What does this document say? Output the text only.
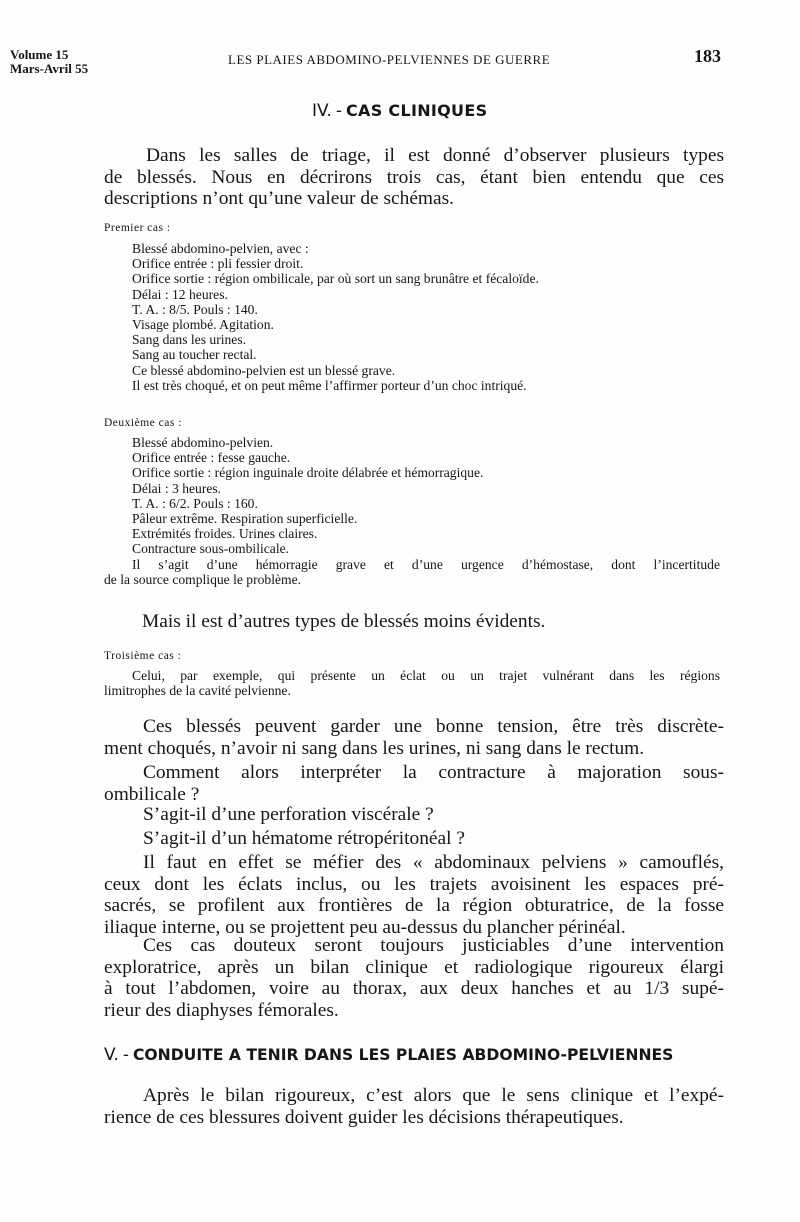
Volume 15
Mars-Avril 55
LES PLAIES ABDOMINO-PELVIENNES DE GUERRE	183
IV. - CAS CLINIQUES
Dans les salles de triage, il est donné d’observer plusieurs types
de blessés. Nous en décrirons trois cas, étant bien entendu que ces
descriptions n’ont qu’une valeur de schémas.
Premier cas :
Blessé abdomino-pelvien, avec :
Orifice entrée : pli fessier droit.
Orifice sortie : région ombilicale, par où sort un sang brunâtre et fécaloïde.
Délai : 12 heures.
T. A. : 8/5. Pouls : 140.
Visage plombé. Agitation.
Sang dans les urines.
Sang au toucher rectal.
Ce blessé abdomino-pelvien est un blessé grave.
Il est très choqué, et on peut même l’affirmer porteur d’un choc intriqué.
Deuxième cas :
Blessé abdomino-pelvien.
Orifice entrée : fesse gauche.
Orifice sortie : région inguinale droite délabrée et hémorragique.
Délai : 3 heures.
T. A. : 6/2. Pouls : 160.
Pâleur extrême. Respiration superficielle.
Extrémités froides. Urines claires.
Contracture sous-ombilicale.
Il s’agit d’une hémorragie grave et d’une urgence d’hémostase, dont l’incertitude
de la source complique le problème.
Mais il est d’autres types de blessés moins évidents.
Troisième cas :
Celui, par exemple, qui présente un éclat ou un trajet vulnérant dans les régions
limitrophes de la cavité pelvienne.
Ces blessés peuvent garder une bonne tension, être très discrète-
ment choqués, n’avoir ni sang dans les urines, ni sang dans le rectum.
Comment alors interpréter la contracture à majoration sous-
ombilicale ?
S’agit-il d’une perforation viscérale ?
S’agit-il d’un hématome rétropéritonéal ?
Il faut en effet se méfier des « abdominaux pelviens » camouflés,
ceux dont les éclats inclus, ou les trajets avoisinent les espaces pré-
sacrés, se profilent aux frontières de la région obturatrice, de la fosse
iliaque interne, ou se projettent peu au-dessus du plancher périnéal.
Ces cas douteux seront toujours justiciables d’une intervention
exploratrice, après un bilan clinique et radiologique rigoureux élargi
à tout l’abdomen, voire au thorax, aux deux hanches et au 1/3 supé-
rieur des diaphyses fémorales.
V. - CONDUITE A TENIR DANS LES PLAIES ABDOMINO-PELVIENNES
Après le bilan rigoureux, c’est alors que le sens clinique et l’expé-
rience de ces blessures doivent guider les décisions thérapeutiques.
